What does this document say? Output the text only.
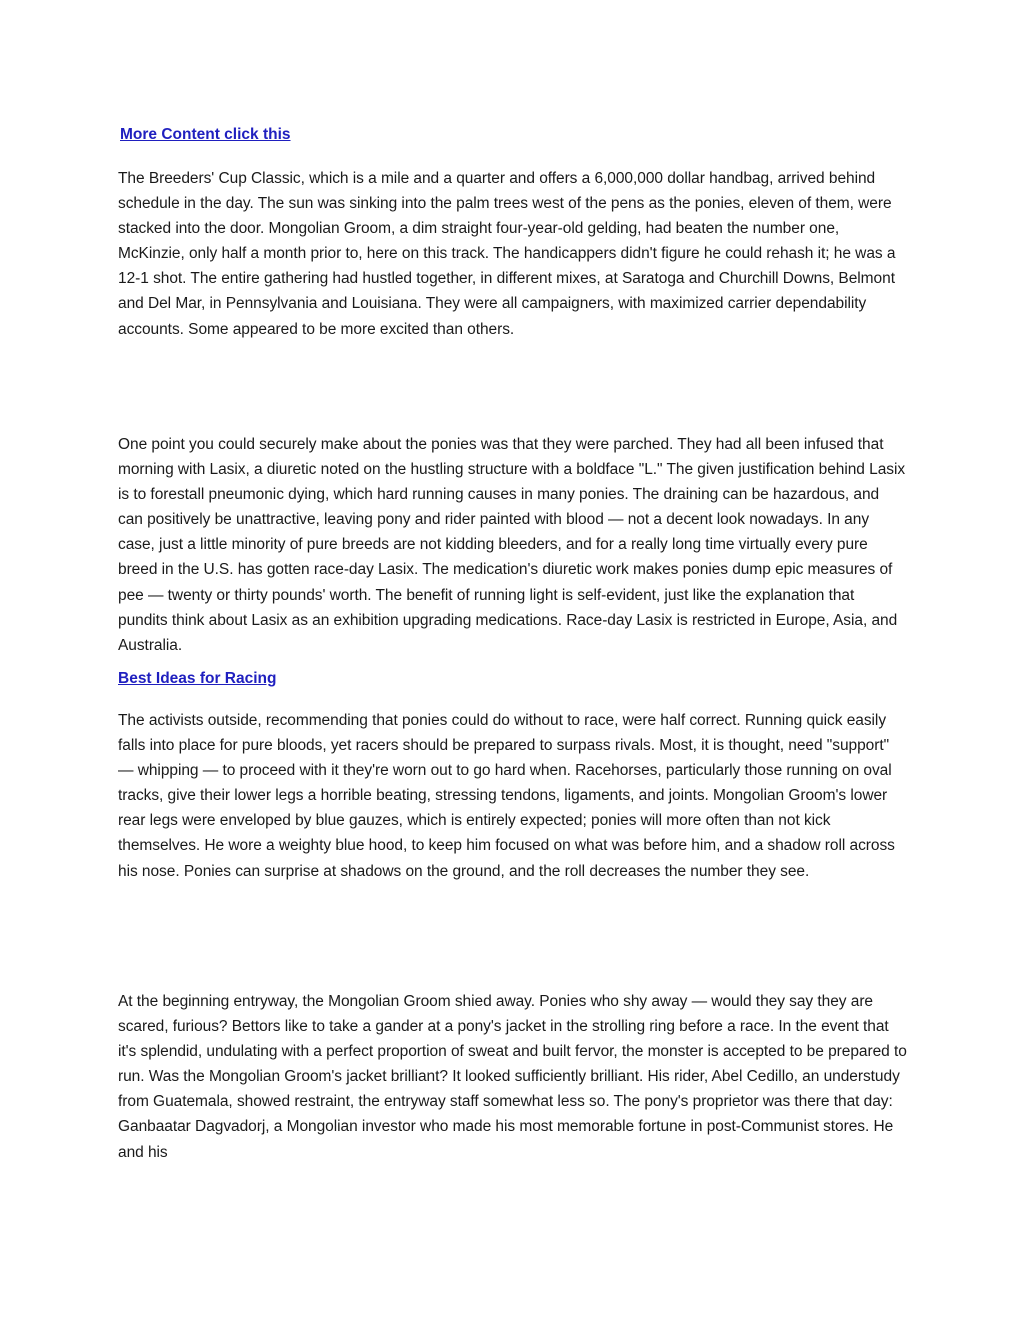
More Content click this

The Breeders' Cup Classic, which is a mile and a quarter and offers a 6,000,000 dollar handbag, arrived behind schedule in the day. The sun was sinking into the palm trees west of the pens as the ponies, eleven of them, were stacked into the door. Mongolian Groom, a dim straight four-year-old gelding, had beaten the number one, McKinzie, only half a month prior to, here on this track. The handicappers didn't figure he could rehash it; he was a 12-1 shot. The entire gathering had hustled together, in different mixes, at Saratoga and Churchill Downs, Belmont and Del Mar, in Pennsylvania and Louisiana. They were all campaigners, with maximized carrier dependability accounts. Some appeared to be more excited than others.

One point you could securely make about the ponies was that they were parched. They had all been infused that morning with Lasix, a diuretic noted on the hustling structure with a boldface "L." The given justification behind Lasix is to forestall pneumonic dying, which hard running causes in many ponies. The draining can be hazardous, and can positively be unattractive, leaving pony and rider painted with blood — not a decent look nowadays. In any case, just a little minority of pure breeds are not kidding bleeders, and for a really long time virtually every pure breed in the U.S. has gotten race-day Lasix. The medication's diuretic work makes ponies dump epic measures of pee — twenty or thirty pounds' worth. The benefit of running light is self-evident, just like the explanation that pundits think about Lasix as an exhibition upgrading medications. Race-day Lasix is restricted in Europe, Asia, and Australia.

Best Ideas for Racing

The activists outside, recommending that ponies could do without to race, were half correct. Running quick easily falls into place for pure bloods, yet racers should be prepared to surpass rivals. Most, it is thought, need "support" — whipping — to proceed with it they're worn out to go hard when. Racehorses, particularly those running on oval tracks, give their lower legs a horrible beating, stressing tendons, ligaments, and joints. Mongolian Groom's lower rear legs were enveloped by blue gauzes, which is entirely expected; ponies will more often than not kick themselves. He wore a weighty blue hood, to keep him focused on what was before him, and a shadow roll across his nose. Ponies can surprise at shadows on the ground, and the roll decreases the number they see.

At the beginning entryway, the Mongolian Groom shied away. Ponies who shy away — would they say they are scared, furious? Bettors like to take a gander at a pony's jacket in the strolling ring before a race. In the event that it's splendid, undulating with a perfect proportion of sweat and built fervor, the monster is accepted to be prepared to run. Was the Mongolian Groom's jacket brilliant? It looked sufficiently brilliant. His rider, Abel Cedillo, an understudy from Guatemala, showed restraint, the entryway staff somewhat less so. The pony's proprietor was there that day: Ganbaatar Dagvadorj, a Mongolian investor who made his most memorable fortune in post-Communist stores. He and his
